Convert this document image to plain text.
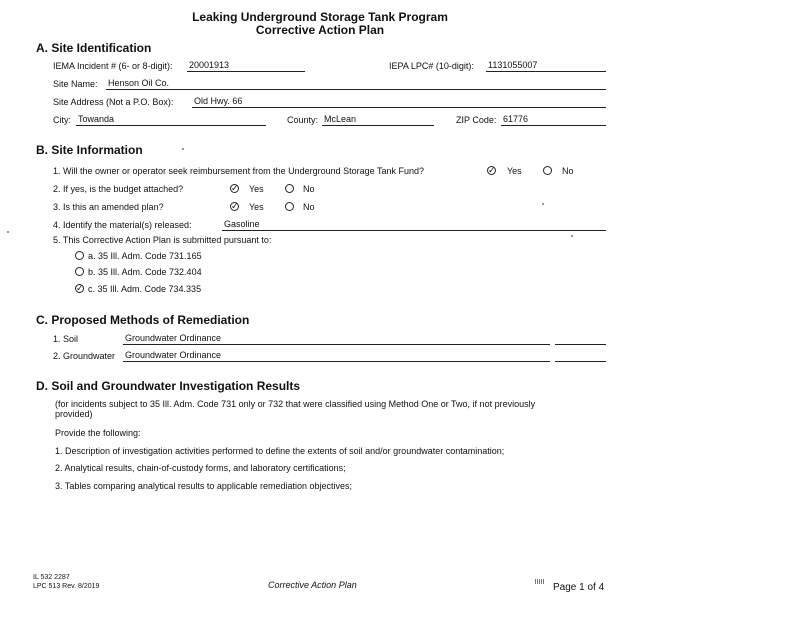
Leaking Underground Storage Tank Program
Corrective Action Plan
A. Site Identification
IEMA Incident # (6- or 8-digit): 20001913	IEPA LPC# (10-digit): 1131055007
Site Name: Henson Oil Co.
Site Address (Not a P.O. Box): Old Hwy. 66
City: Towanda	County: McLean	ZIP Code: 61776
B. Site Information
1. Will the owner or operator seek reimbursement from the Underground Storage Tank Fund? ✓	Yes	No
2. If yes, is the budget attached? ✓	Yes	No
3. Is this an amended plan? ✓	Yes	No
4. Identify the material(s) released:	Gasoline
5. This Corrective Action Plan is submitted pursuant to:
a. 35 Ill. Adm. Code 731.165
b. 35 Ill. Adm. Code 732.404
✓
c. 35 Ill. Adm. Code 734.335
C. Proposed Methods of Remediation
1. Soil	Groundwater Ordinance
2. Groundwater Groundwater Ordinance
D. Soil and Groundwater Investigation Results
(for incidents subject to 35 Ill. Adm. Code 731 only or 732 that were classified using Method One or Two, if not previously
provided)
Provide the following:
1. Description of investigation activities performed to define the extents of soil and/or groundwater contamination;
2. Analytical results, chain-of-custody forms, and laboratory certifications;
3. Tables comparing analytical results to applicable remediation objectives;
IL 532 2287
LPC 513 Rev. 8/2019	Corrective Action Plan	Page 1 of 4
